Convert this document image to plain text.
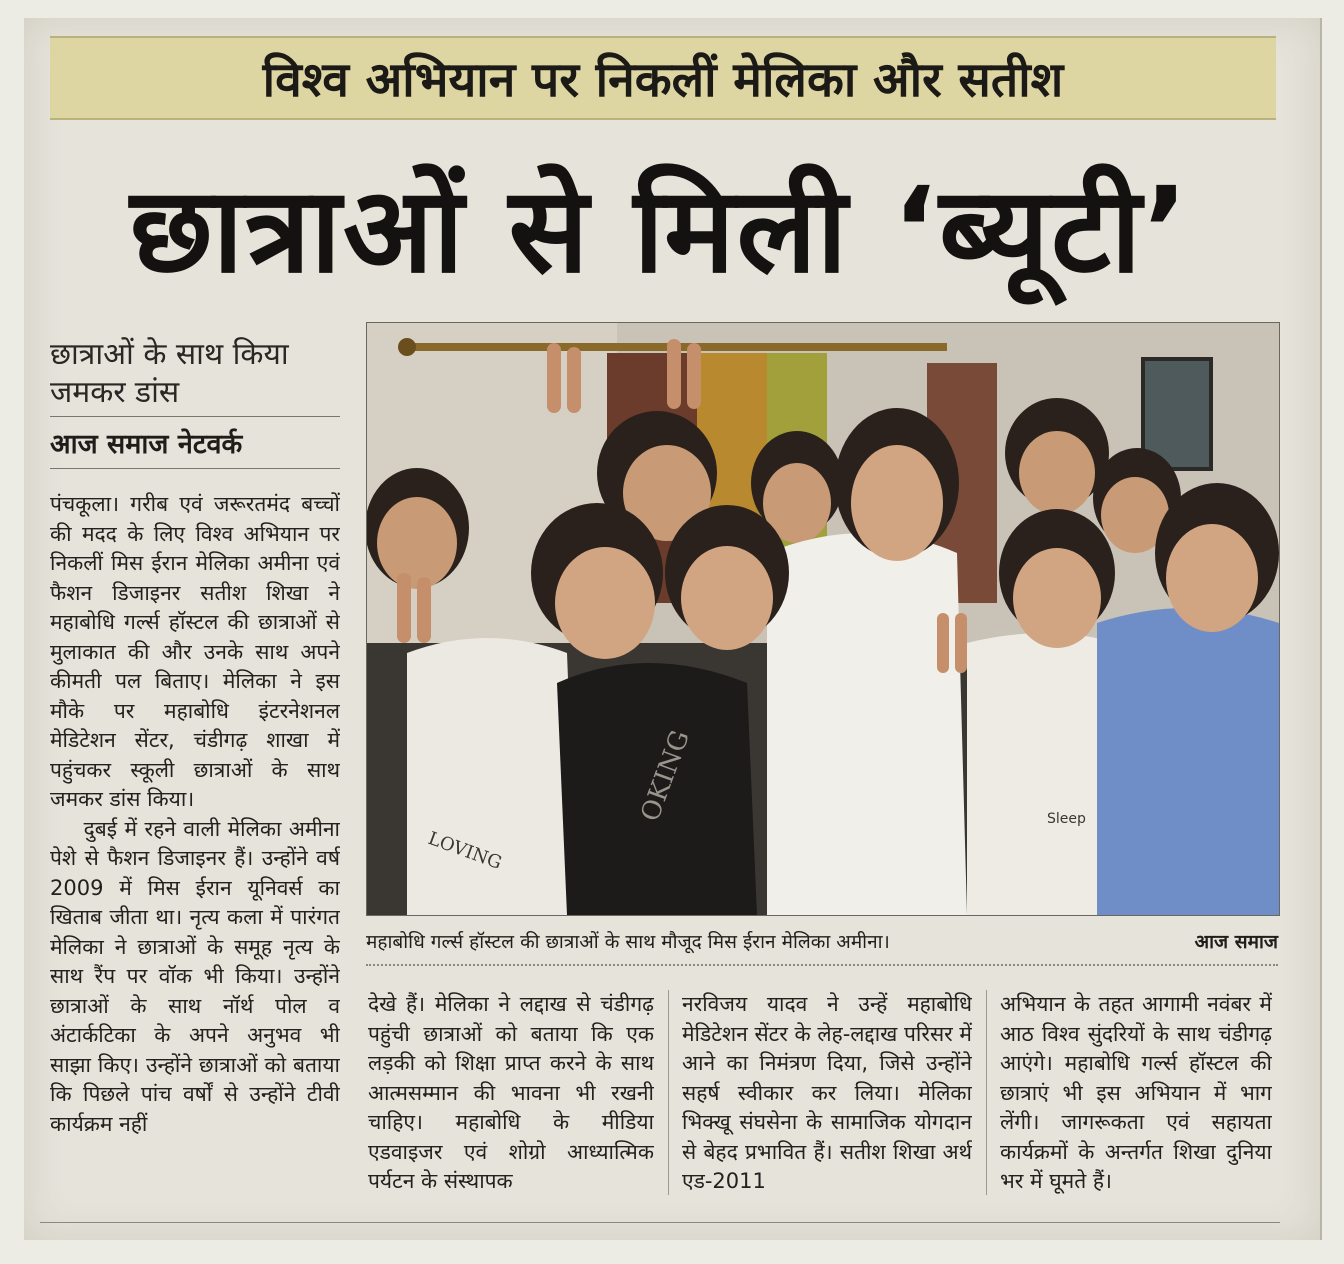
विश्व अभियान पर निकलीं मेलिका और सतीश
छात्राओं से मिली ‘ब्यूटी’
छात्राओं के साथ किया जमकर डांस
आज समाज नेटवर्क

पंचकूला। गरीब एवं जरूरतमंद बच्चों की मदद के लिए विश्व अभियान पर निकलीं मिस ईरान मेलिका अमीना एवं फैशन डिजाइनर सतीश शिखा ने महाबोधि गर्ल्स हॉस्टल की छात्राओं से मुलाकात की और उनके साथ अपने कीमती पल बिताए। मेलिका ने इस मौके पर महाबोधि इंटरनेशनल मेडिटेशन सेंटर, चंडीगढ़ शाखा में पहुंचकर स्कूली छात्राओं के साथ जमकर डांस किया।

दुबई में रहने वाली मेलिका अमीना पेशे से फैशन डिजाइनर हैं। उन्होंने वर्ष 2009 में मिस ईरान यूनिवर्स का खिताब जीता था। नृत्य कला में पारंगत मेलिका ने छात्राओं के समूह नृत्य के साथ रैंप पर वॉक भी किया। उन्होंने छात्राओं के साथ नॉर्थ पोल व अंटार्कटिका के अपने अनुभव भी साझा किए। उन्होंने छात्राओं को बताया कि पिछले पांच वर्षों से उन्होंने टीवी कार्यक्रम नहीं

OKING
LOVING
Sleep
महाबोधि गर्ल्स हॉस्टल की छात्राओं के साथ मौजूद मिस ईरान मेलिका अमीना।	आज समाज

देखे हैं। मेलिका ने लद्दाख से चंडीगढ़ पहुंची छात्राओं को बताया कि एक लड़की को शिक्षा प्राप्त करने के साथ आत्मसम्मान की भावना भी रखनी चाहिए। महाबोधि के मीडिया एडवाइजर एवं शोग्रो आध्यात्मिक पर्यटन के संस्थापक

नरविजय यादव ने उन्हें महाबोधि मेडिटेशन सेंटर के लेह-लद्दाख परिसर में आने का निमंत्रण दिया, जिसे उन्होंने सहर्ष स्वीकार कर लिया। मेलिका भिक्खू संघसेना के सामाजिक योगदान से बेहद प्रभावित हैं। सतीश शिखा अर्थ एड-2011

अभियान के तहत आगामी नवंबर में आठ विश्व सुंदरियों के साथ चंडीगढ़ आएंगे। महाबोधि गर्ल्स हॉस्टल की छात्राएं भी इस अभियान में भाग लेंगी। जागरूकता एवं सहायता कार्यक्रमों के अन्तर्गत शिखा दुनिया भर में घूमते हैं।
